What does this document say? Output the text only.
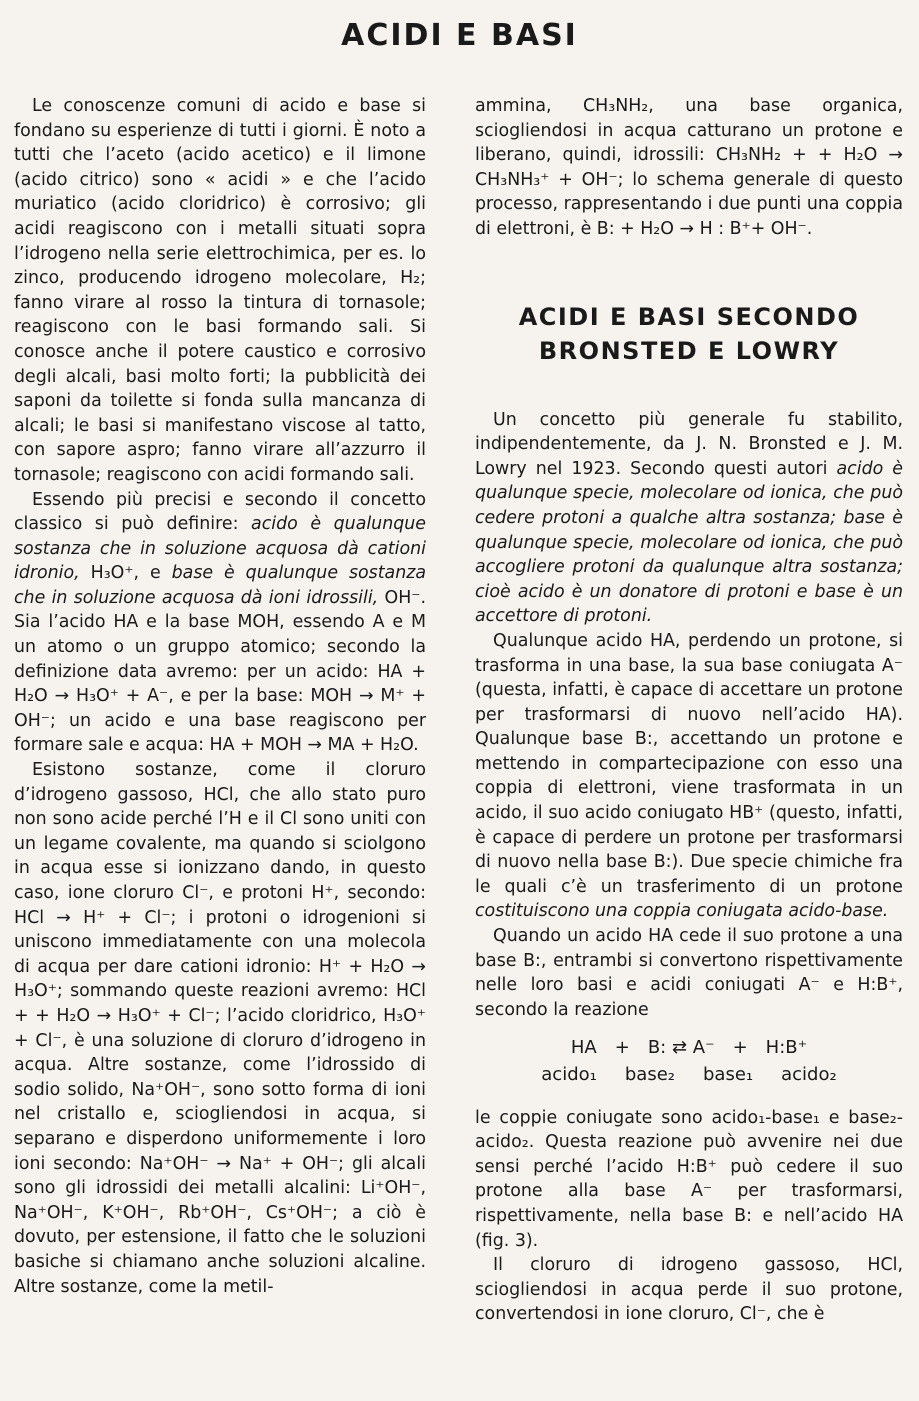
ACIDI E BASI

Le conoscenze comuni di acido e base si fondano su esperienze di tutti i giorni. È noto a tutti che l’aceto (acido acetico) e il limone (acido citrico) sono « acidi » e che l’acido muriatico (acido cloridrico) è corrosivo; gli acidi reagiscono con i metalli situati sopra l’idrogeno nella serie elettrochimica, per es. lo zinco, producendo idrogeno molecolare, H₂; fanno virare al rosso la tintura di tornasole; reagiscono con le basi formando sali. Si conosce anche il potere caustico e corrosivo degli alcali, basi molto forti; la pubblicità dei saponi da toilette si fonda sulla mancanza di alcali; le basi si manifestano viscose al tatto, con sapore aspro; fanno virare all’azzurro il tornasole; reagiscono con acidi formando sali.

Essendo più precisi e secondo il concetto classico si può definire: acido è qualunque sostanza che in soluzione acquosa dà cationi idronio, H₃O⁺, e base è qualunque sostanza che in soluzione acquosa dà ioni idrossili, OH⁻. Sia l’acido HA e la base MOH, essendo A e M un atomo o un gruppo atomico; secondo la definizione data avremo: per un acido: HA + H₂O → H₃O⁺ + A⁻, e per la base: MOH → M⁺ + OH⁻; un acido e una base reagiscono per formare sale e acqua: HA + MOH → MA + H₂O.

Esistono sostanze, come il cloruro d’idrogeno gassoso, HCl, che allo stato puro non sono acide perché l’H e il Cl sono uniti con un legame covalente, ma quando si sciolgono in acqua esse si ionizzano dando, in questo caso, ione cloruro Cl⁻, e protoni H⁺, secondo: HCl → H⁺ + Cl⁻; i protoni o idrogenioni si uniscono immediatamente con una molecola di acqua per dare cationi idronio: H⁺ + H₂O → H₃O⁺; sommando queste reazioni avremo: HCl + + H₂O → H₃O⁺ + Cl⁻; l’acido cloridrico, H₃O⁺ + Cl⁻, è una soluzione di cloruro d’idrogeno in acqua. Altre sostanze, come l’idrossido di sodio solido, Na⁺OH⁻, sono sotto forma di ioni nel cristallo e, sciogliendosi in acqua, si separano e disperdono uniformemente i loro ioni secondo: Na⁺OH⁻ → Na⁺ + OH⁻; gli alcali sono gli idrossidi dei metalli alcalini: Li⁺OH⁻, Na⁺OH⁻, K⁺OH⁻, Rb⁺OH⁻, Cs⁺OH⁻; a ciò è dovuto, per estensione, il fatto che le soluzioni basiche si chiamano anche soluzioni alcaline. Altre sostanze, come la metil-

ammina, CH₃NH₂, una base organica, sciogliendosi in acqua catturano un protone e liberano, quindi, idrossili: CH₃NH₂ + + H₂O → CH₃NH₃⁺ + OH⁻; lo schema generale di questo processo, rappresentando i due punti una coppia di elettroni, è B: + H₂O → H : B⁺+ OH⁻.

ACIDI E BASI SECONDO
BRONSTED E LOWRY

Un concetto più generale fu stabilito, indipendentemente, da J. N. Bronsted e J. M. Lowry nel 1923. Secondo questi autori acido è qualunque specie, molecolare od ionica, che può cedere protoni a qualche altra sostanza; base è qualunque specie, molecolare od ionica, che può accogliere protoni da qualunque altra sostanza; cioè acido è un donatore di protoni e base è un accettore di protoni.

Qualunque acido HA, perdendo un protone, si trasforma in una base, la sua base coniugata A⁻ (questa, infatti, è capace di accettare un protone per trasformarsi di nuovo nell’acido HA). Qualunque base B:, accettando un protone e mettendo in compartecipazione con esso una coppia di elettroni, viene trasformata in un acido, il suo acido coniugato HB⁺ (questo, infatti, è capace di perdere un protone per trasformarsi di nuovo nella base B:). Due specie chimiche fra le quali c’è un trasferimento di un protone costituiscono una coppia coniugata acido-base.

Quando un acido HA cede il suo protone a una base B:, entrambi si convertono rispettivamente nelle loro basi e acidi coniugati A⁻ e H:B⁺, secondo la reazione

HA + B: ⇄ A⁻ + H:B⁺
acido₁ base₂ base₁ acido₂

le coppie coniugate sono acido₁-base₁ e base₂-acido₂. Questa reazione può avvenire nei due sensi perché l’acido H:B⁺ può cedere il suo protone alla base A⁻ per trasformarsi, rispettivamente, nella base B: e nell’acido HA (fig. 3).

Il cloruro di idrogeno gassoso, HCl, sciogliendosi in acqua perde il suo protone, convertendosi in ione cloruro, Cl⁻, che è
